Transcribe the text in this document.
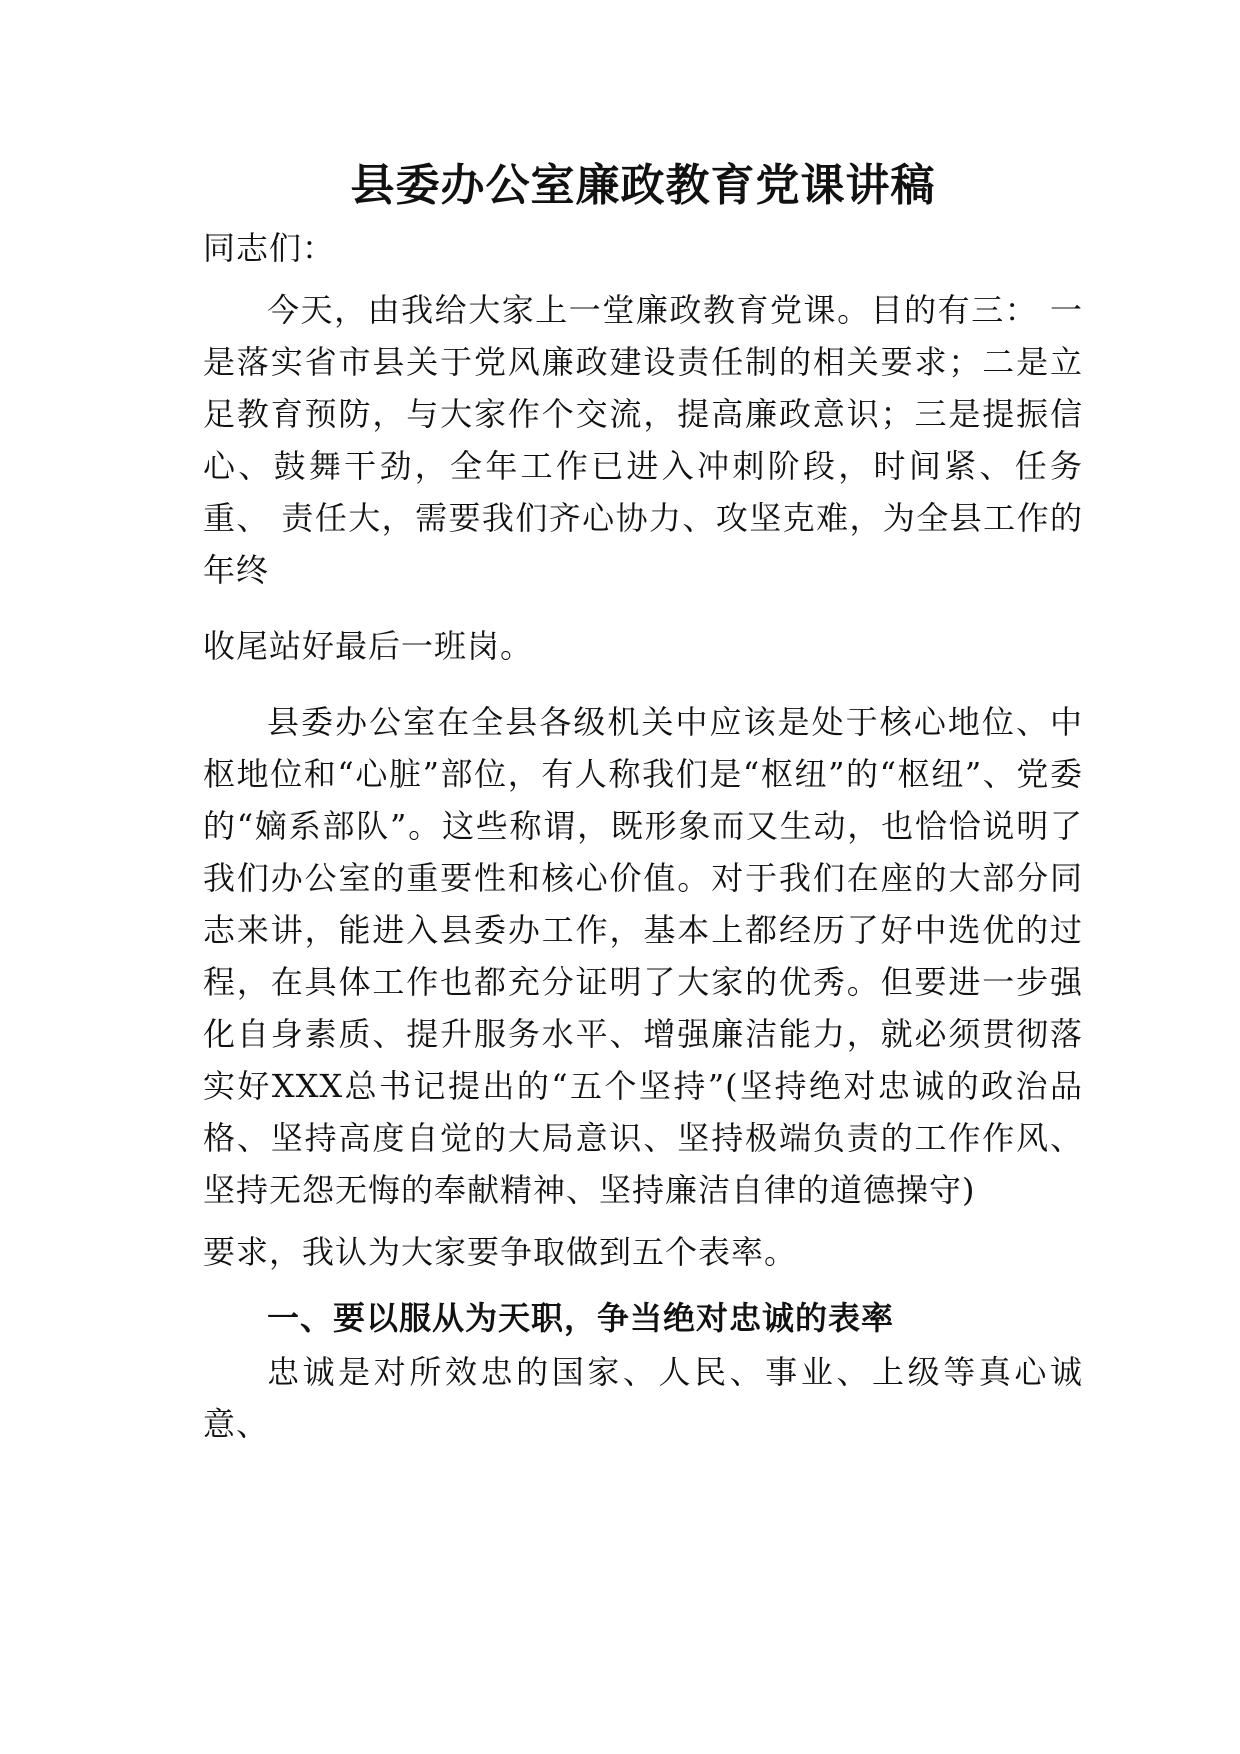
县委办公室廉政教育党课讲稿

同志们：

今天，由我给大家上一堂廉政教育党课。目的有三： 一是落实省市县关于党风廉政建设责任制的相关要求；二是立足教育预防，与大家作个交流，提高廉政意识；三是提振信心、鼓舞干劲，全年工作已进入冲刺阶段，时间紧、任务重、 责任大，需要我们齐心协力、攻坚克难，为全县工作的年终

收尾站好最后一班岗。

县委办公室在全县各级机关中应该是处于核心地位、中枢地位和“心脏”部位，有人称我们是“枢纽”的“枢纽”、党委的“嫡系部队”。这些称谓，既形象而又生动，也恰恰说明了我们办公室的重要性和核心价值。对于我们在座的大部分同志来讲，能进入县委办工作，基本上都经历了好中选优的过程，在具体工作也都充分证明了大家的优秀。但要进一步强化自身素质、提升服务水平、增强廉洁能力，就必须贯彻落实好XXX总书记提出的“五个坚持”(坚持绝对忠诚的政治品格、坚持高度自觉的大局意识、坚持极端负责的工作作风、坚持无怨无悔的奉献精神、坚持廉洁自律的道德操守)

要求，我认为大家要争取做到五个表率。

一、要以服从为天职，争当绝对忠诚的表率

忠诚是对所效忠的国家、人民、事业、上级等真心诚意、
